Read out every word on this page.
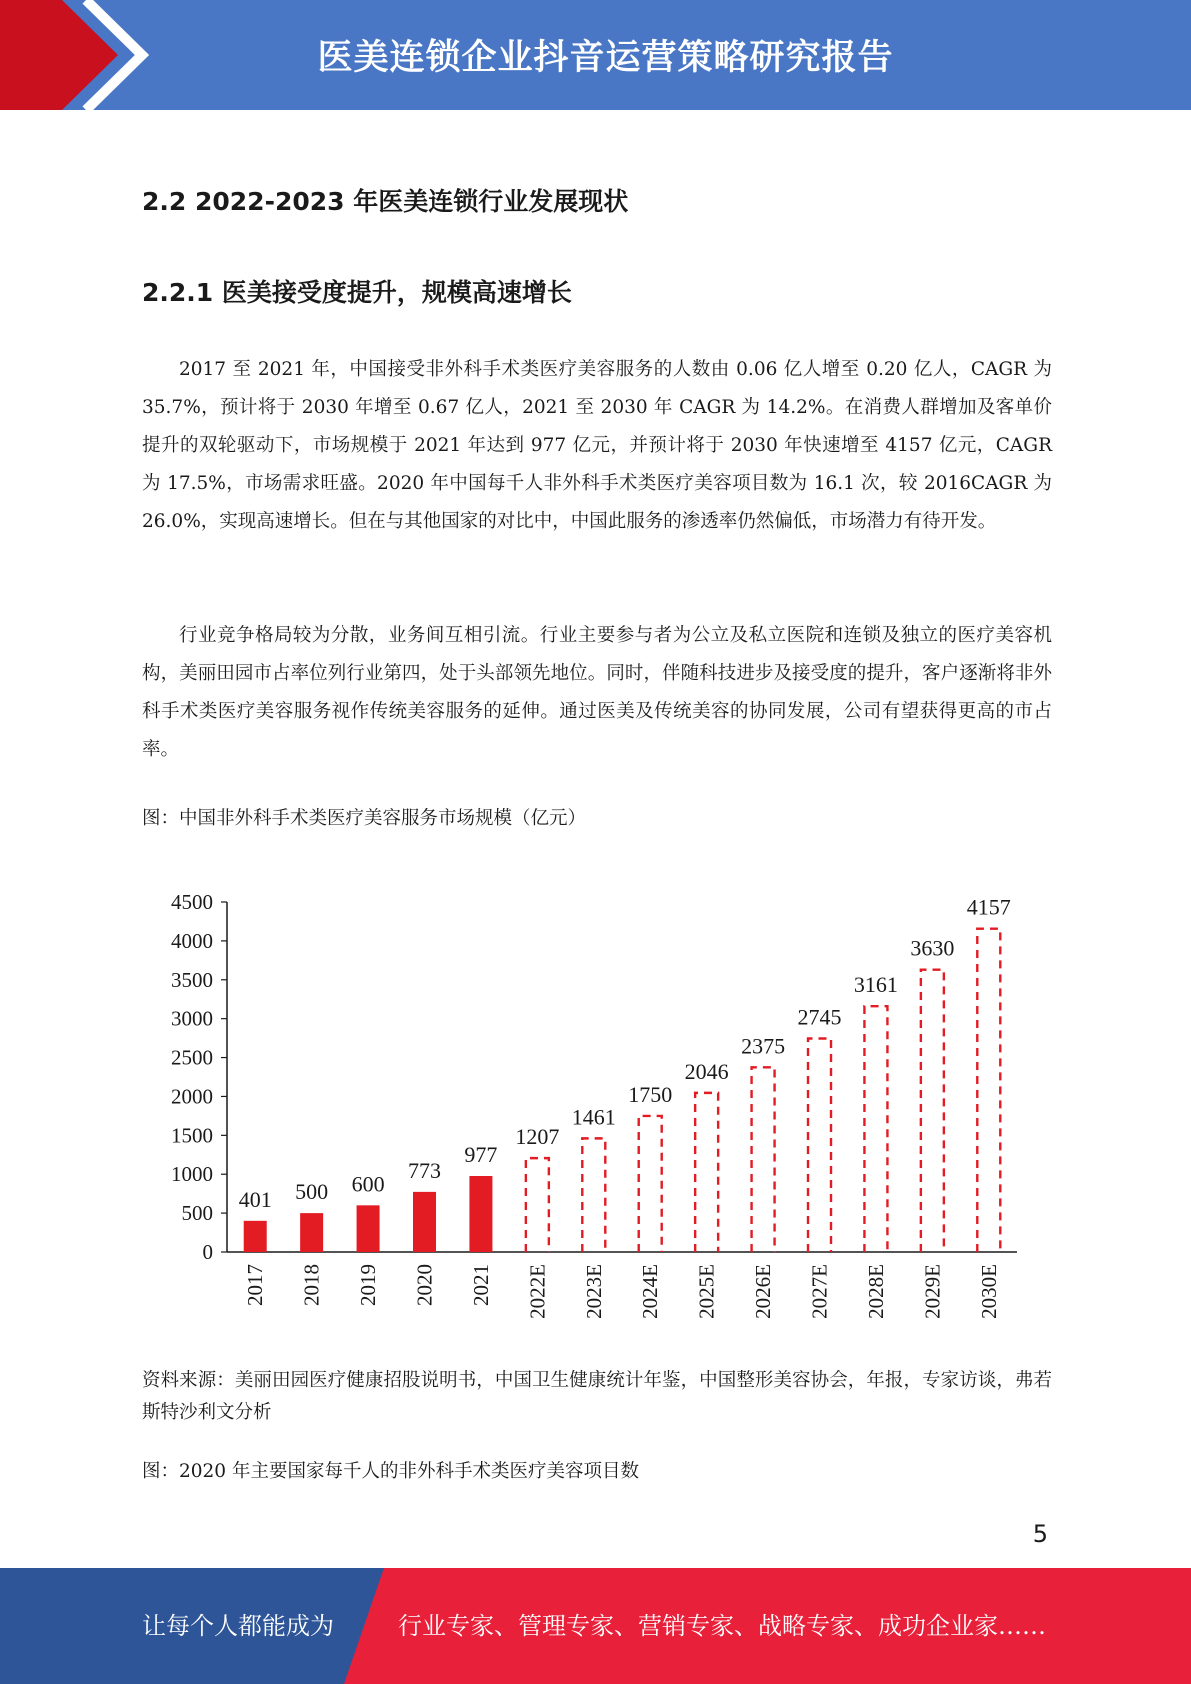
医美连锁企业抖音运营策略研究报告
2.2 2022-2023 年医美连锁行业发展现状
2.2.1 医美接受度提升，规模高速增长

2017 至 2021 年，中国接受非外科手术类医疗美容服务的人数由 0.06 亿人增至 0.20 亿人，CAGR 为 35.7%，预计将于 2030 年增至 0.67 亿人，2021 至 2030 年 CAGR 为 14.2%。在消费人群增加及客单价提升的双轮驱动下，市场规模于 2021 年达到 977 亿元，并预计将于 2030 年快速增至 4157 亿元，CAGR 为 17.5%，市场需求旺盛。2020 年中国每千人非外科手术类医疗美容项目数为 16.1 次，较 2016CAGR 为 26.0%，实现高速增长。但在与其他国家的对比中，中国此服务的渗透率仍然偏低，市场潜力有待开发。

行业竞争格局较为分散，业务间互相引流。行业主要参与者为公立及私立医院和连锁及独立的医疗美容机构，美丽田园市占率位列行业第四，处于头部领先地位。同时，伴随科技进步及接受度的提升，客户逐渐将非外科手术类医疗美容服务视作传统美容服务的延伸。通过医美及传统美容的协同发展，公司有望获得更高的市占率。

图：中国非外科手术类医疗美容服务市场规模（亿元）

0
500
1000
1500
2000
2500
3000
3500
4000
4500
401
2017
500
2018
600
2019
773
2020
977
2021
1207
2022E
1461
2023E
1750
2024E
2046
2025E
2375
2026E
2745
2027E
3161
2028E
3630
2029E
4157
2030E

资料来源：美丽田园医疗健康招股说明书，中国卫生健康统计年鉴，中国整形美容协会，年报，专家访谈，弗若斯特沙利文分析

图：2020 年主要国家每千人的非外科手术类医疗美容项目数

5
让每个人都能成为	行业专家、管理专家、营销专家、战略专家、成功企业家……
